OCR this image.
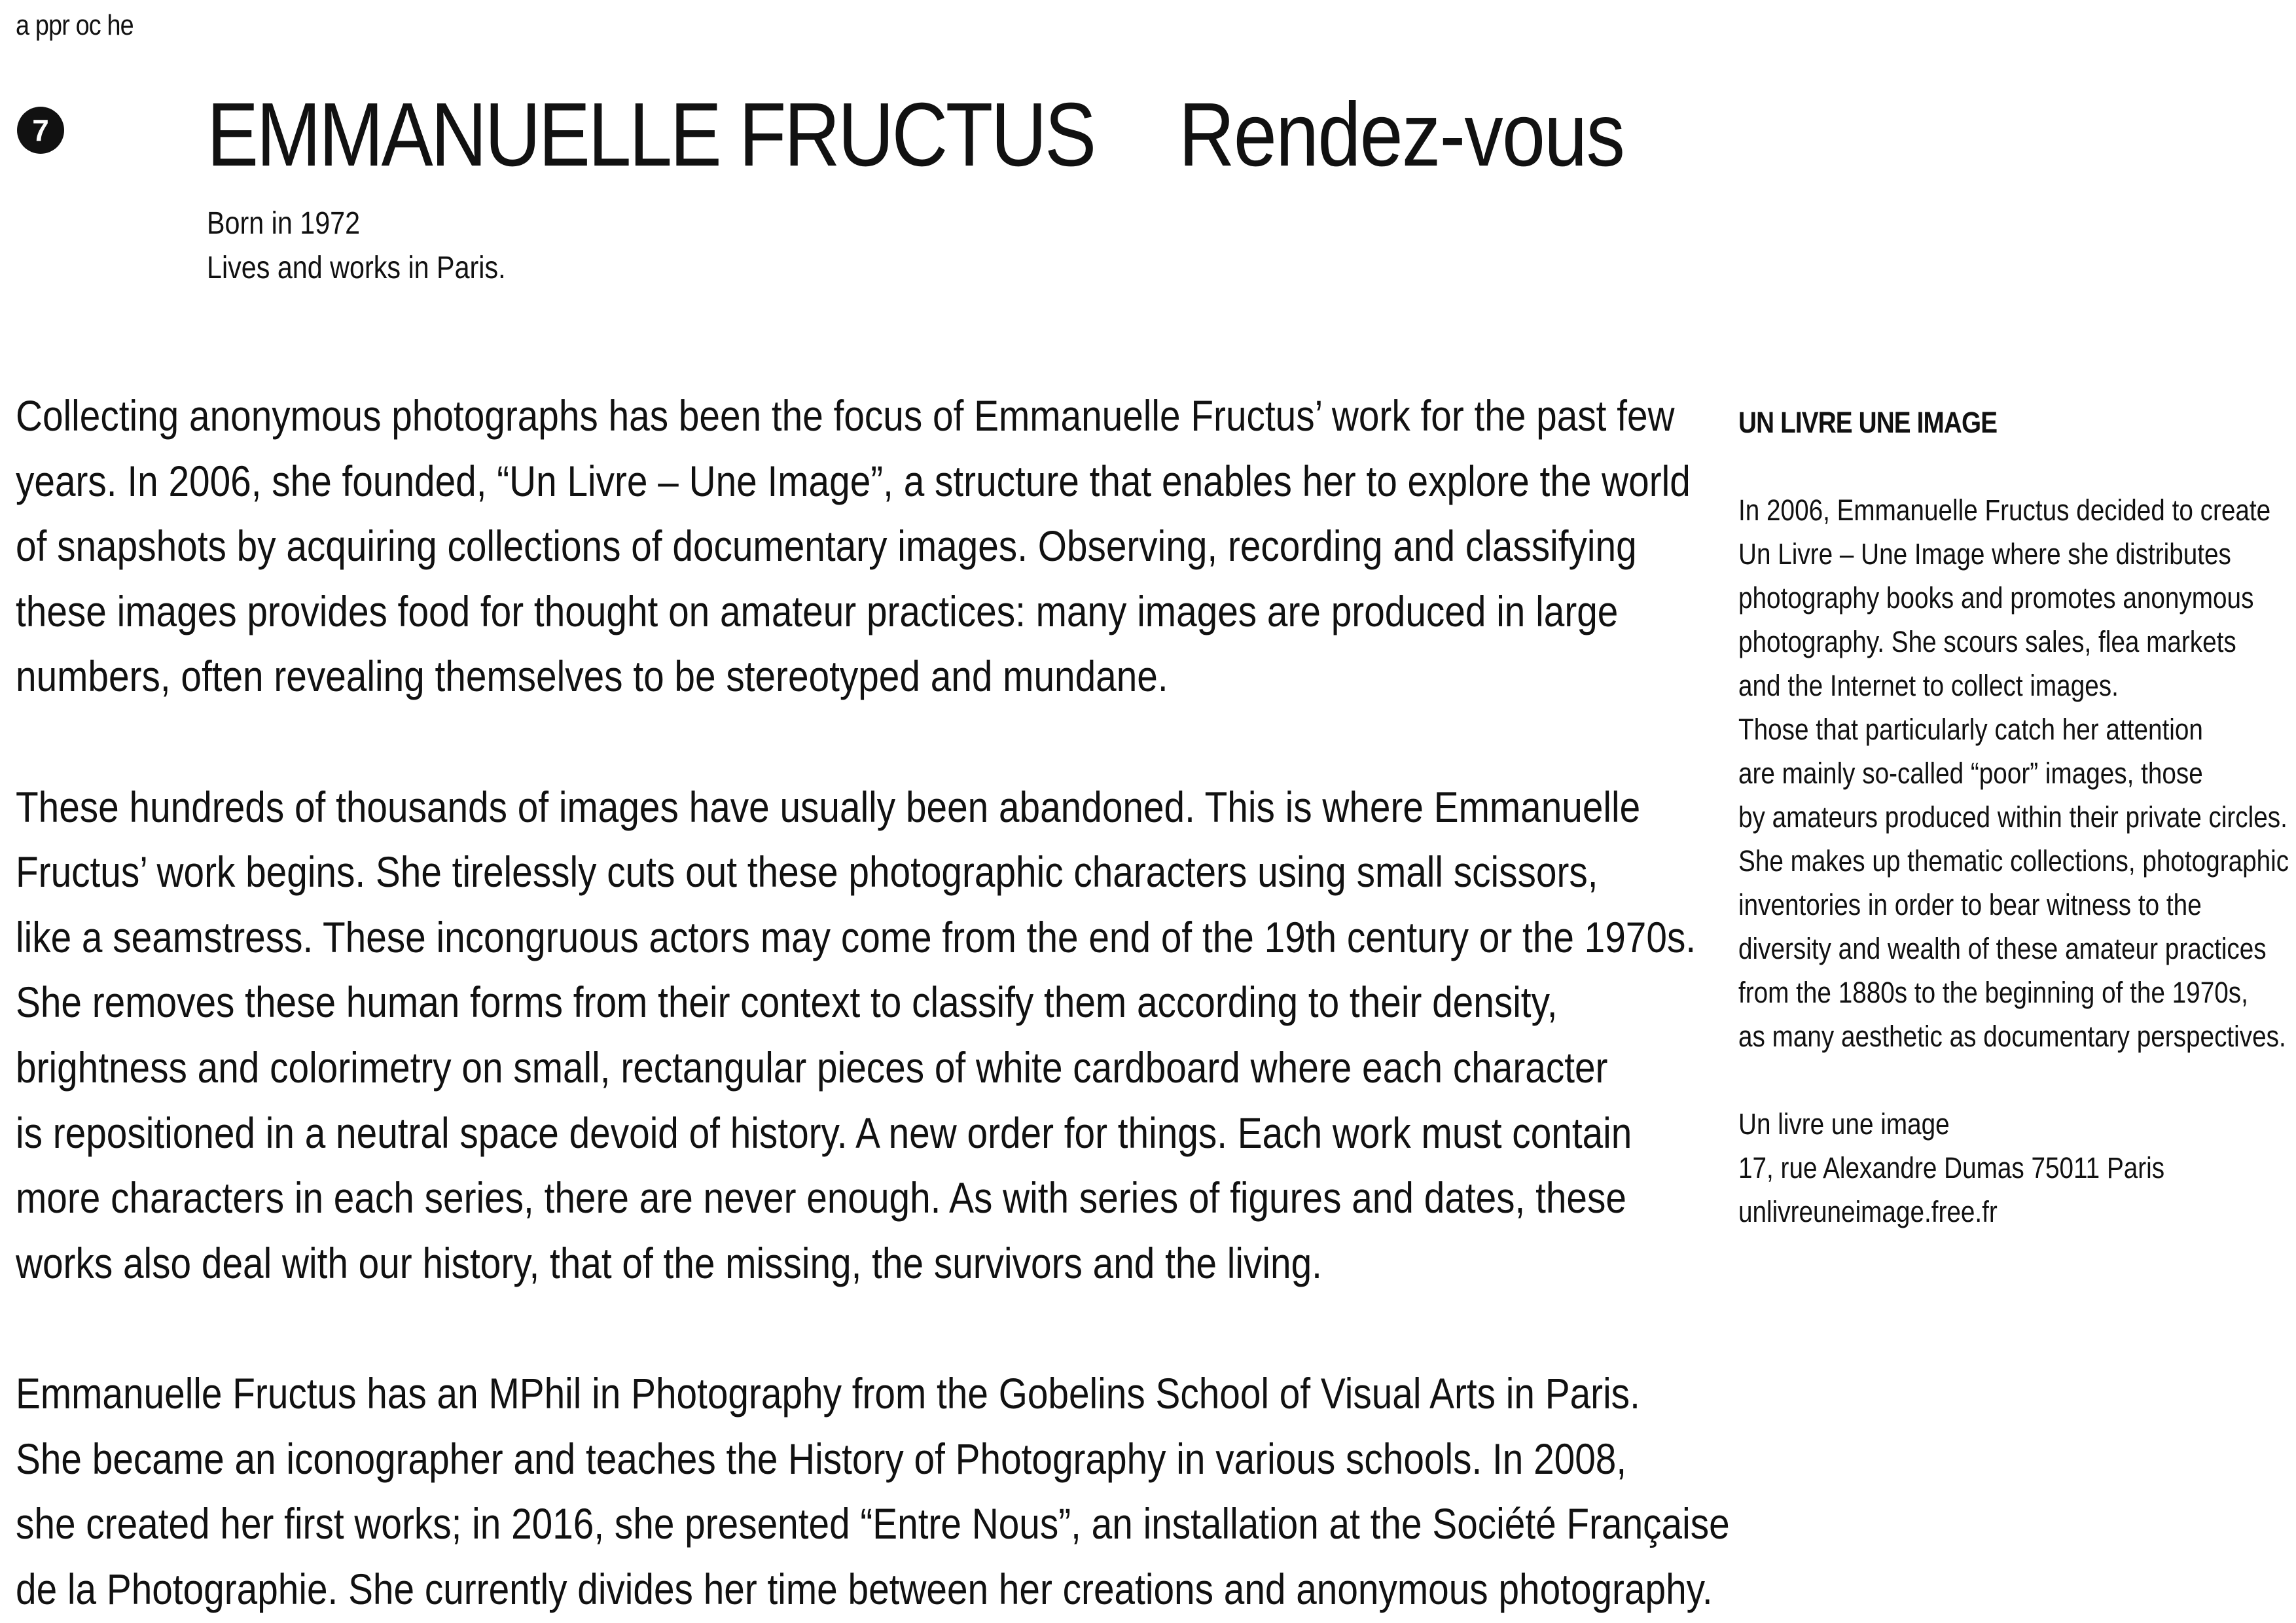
a ppr oc he
7 EMMANUELLE FRUCTUS Rendez-vous
Born in 1972
Lives and works in Paris.

Collecting anonymous photographs has been the focus of Emmanuelle Fructus’ work for the past few
years. In 2006, she founded, “Un Livre – Une Image”, a structure that enables her to explore the world
of snapshots by acquiring collections of documentary images. Observing, recording and classifying
these images provides food for thought on amateur practices: many images are produced in large
numbers, often revealing themselves to be stereotyped and mundane.

These hundreds of thousands of images have usually been abandoned. This is where Emmanuelle
Fructus’ work begins. She tirelessly cuts out these photographic characters using small scissors,
like a seamstress. These incongruous actors may come from the end of the 19th century or the 1970s.
She removes these human forms from their context to classify them according to their density,
brightness and colorimetry on small, rectangular pieces of white cardboard where each character
is repositioned in a neutral space devoid of history. A new order for things. Each work must contain
more characters in each series, there are never enough. As with series of figures and dates, these
works also deal with our history, that of the missing, the survivors and the living.

Emmanuelle Fructus has an MPhil in Photography from the Gobelins School of Visual Arts in Paris.
She became an iconographer and teaches the History of Photography in various schools. In 2008,
she created her first works; in 2016, she presented “Entre Nous”, an installation at the Société Française
de la Photographie. She currently divides her time between her creations and anonymous photography.

UN LIVRE UNE IMAGE
In 2006, Emmanuelle Fructus decided to create
Un Livre – Une Image where she distributes
photography books and promotes anonymous
photography. She scours sales, flea markets
and the Internet to collect images.
Those that particularly catch her attention
are mainly so-called “poor” images, those
by amateurs produced within their private circles.
She makes up thematic collections, photographic
inventories in order to bear witness to the
diversity and wealth of these amateur practices
from the 1880s to the beginning of the 1970s,
as many aesthetic as documentary perspectives.
Un livre une image
17, rue Alexandre Dumas 75011 Paris
unlivreuneimage.free.fr
